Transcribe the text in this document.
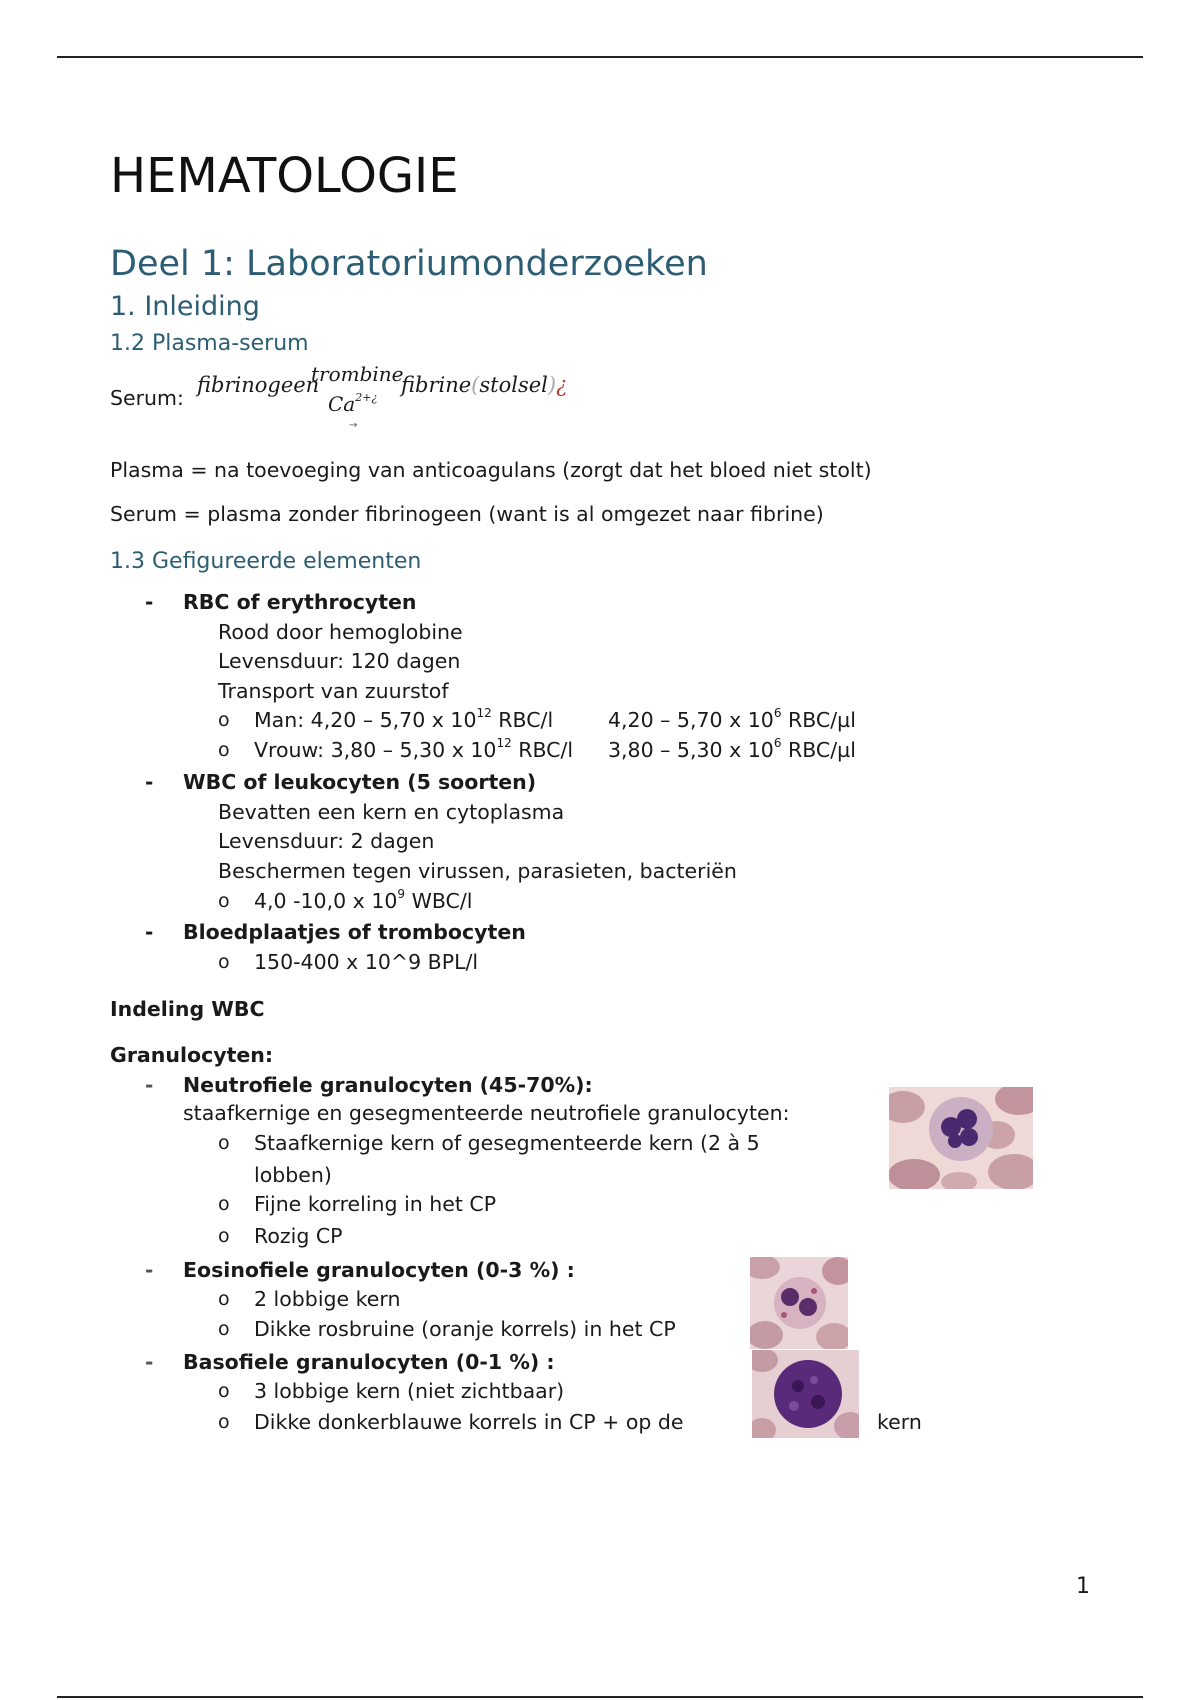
HEMATOLOGIE
Deel 1: Laboratoriumonderzoeken
1. Inleiding
1.2 Plasma-serum
Serum:
fibrinogeen
trombine
$Ca^{2+¿}$
→
fibrine(stolsel)¿
Plasma = na toevoeging van anticoagulans (zorgt dat het bloed niet stolt)
Serum = plasma zonder fibrinogeen (want is al omgezet naar fibrine)
1.3 Gefigureerde elementen
- RBC of erythrocyten
Rood door hemoglobine
Levensduur: 120 dagen
Transport van zuurstof
o Man: 4,20 – 5,70 x $10^{12}$ RBC/l	4,20 – 5,70 x $10^6$ RBC/µl
o Vrouw: 3,80 – 5,30 x $10^{12}$ RBC/l 3,80 – 5,30 x $10^6$ RBC/µl
- WBC of leukocyten (5 soorten)
Bevatten een kern en cytoplasma
Levensduur: 2 dagen
Beschermen tegen virussen, parasieten, bacteriën
o 4,0 -10,0 x $10^9$ WBC/l
- Bloedplaatjes of trombocyten
o 150-400 x 10^9 BPL/l
Indeling WBC
Granulocyten:
- Neutrofiele granulocyten (45-70%):
staafkernige en gesegmenteerde neutrofiele granulocyten:
o Staafkernige kern of gesegmenteerde kern (2 à 5
lobben)
o Fijne korreling in het CP
o Rozig CP
- Eosinofiele granulocyten (0-3 %) :
o 2 lobbige kern
o Dikke rosbruine (oranje korrels) in het CP
- Basofiele granulocyten (0-1 %) :
o 3 lobbige kern (niet zichtbaar)
o Dikke donkerblauwe korrels in CP + op de	kern
1
